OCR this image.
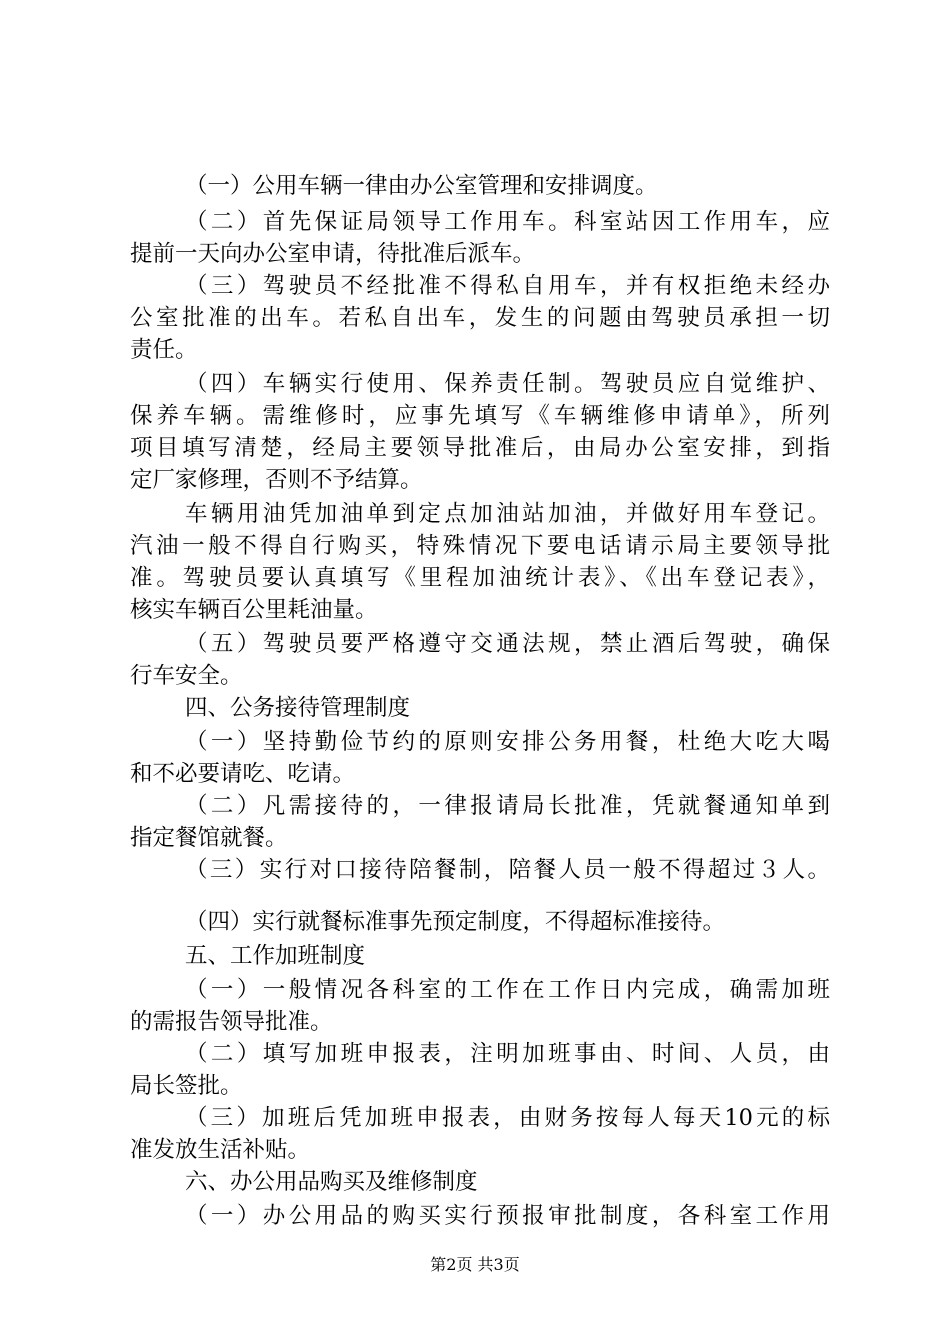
（一）公用车辆一律由办公室管理和安排调度。
（二）首先保证局领导工作用车。科室站因工作用车，应
提前一天向办公室申请，待批准后派车。
（三）驾驶员不经批准不得私自用车，并有权拒绝未经办
公室批准的出车。若私自出车，发生的问题由驾驶员承担一切
责任。
（四）车辆实行使用、保养责任制。驾驶员应自觉维护、
保养车辆。需维修时，应事先填写《车辆维修申请单》，所列
项目填写清楚，经局主要领导批准后，由局办公室安排，到指
定厂家修理，否则不予结算。
车辆用油凭加油单到定点加油站加油，并做好用车登记。
汽油一般不得自行购买，特殊情况下要电话请示局主要领导批
准。驾驶员要认真填写《里程加油统计表》、《出车登记表》，
核实车辆百公里耗油量。
（五）驾驶员要严格遵守交通法规，禁止酒后驾驶，确保
行车安全。
四、公务接待管理制度
（一）坚持勤俭节约的原则安排公务用餐，杜绝大吃大喝
和不必要请吃、吃请。
（二）凡需接待的，一律报请局长批准，凭就餐通知单到
指定餐馆就餐。
（三）实行对口接待陪餐制，陪餐人员一般不得超过３人。
（四）实行就餐标准事先预定制度，不得超标准接待。
五、工作加班制度
（一）一般情况各科室的工作在工作日内完成，确需加班
的需报告领导批准。
（二）填写加班申报表，注明加班事由、时间、人员，由
局长签批。
（三）加班后凭加班申报表，由财务按每人每天10元的标
准发放生活补贴。
六、办公用品购买及维修制度
（一）办公用品的购买实行预报审批制度，各科室工作用
第2页 共3页
